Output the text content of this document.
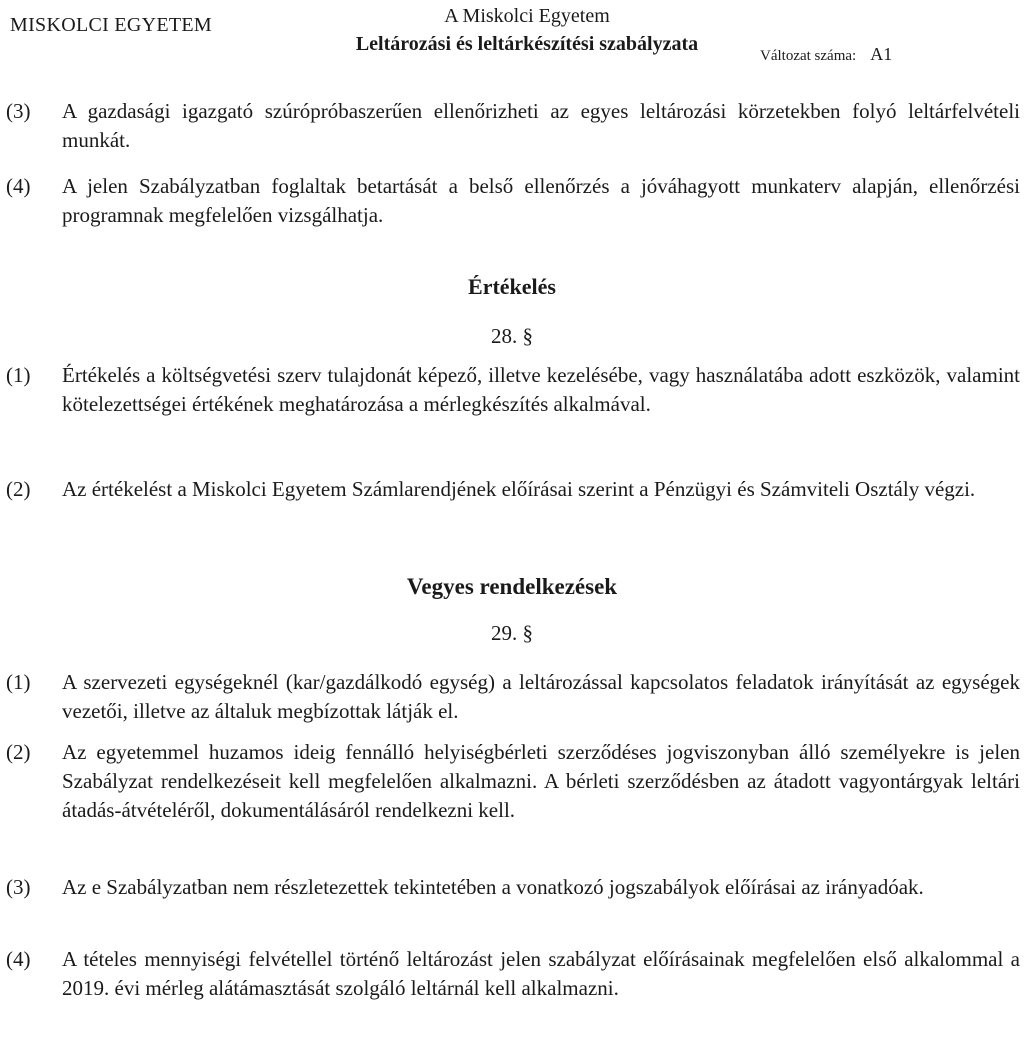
MISKOLCI EGYETEM	A Miskolci Egyetem
Leltározási és leltárkészítési szabályzata
Változat száma: A1
(3) A gazdasági igazgató szúrópróbaszerűen ellenőrizheti az egyes leltározási körzetekben folyó leltárfelvételi munkát.
(4) A jelen Szabályzatban foglaltak betartását a belső ellenőrzés a jóváhagyott munkaterv alapján, ellenőrzési programnak megfelelően vizsgálhatja.
Értékelés
28. §
(1) Értékelés a költségvetési szerv tulajdonát képező, illetve kezelésébe, vagy használatába adott eszközök, valamint kötelezettségei értékének meghatározása a mérlegkészítés alkalmával.
(2) Az értékelést a Miskolci Egyetem Számlarendjének előírásai szerint a Pénzügyi és Számviteli Osztály végzi.
Vegyes rendelkezések
29. §
(1) A szervezeti egységeknél (kar/gazdálkodó egység) a leltározással kapcsolatos feladatok irányítását az egységek vezetői, illetve az általuk megbízottak látják el.
(2) Az egyetemmel huzamos ideig fennálló helyiségbérleti szerződéses jogviszonyban álló személyekre is jelen Szabályzat rendelkezéseit kell megfelelően alkalmazni. A bérleti szerződésben az átadott vagyontárgyak leltári átadás-átvételéről, dokumentálásáról rendelkezni kell.
(3) Az e Szabályzatban nem részletezettek tekintetében a vonatkozó jogszabályok előírásai az irányadóak.
(4) A tételes mennyiségi felvétellel történő leltározást jelen szabályzat előírásainak megfelelően első alkalommal a 2019. évi mérleg alátámasztását szolgáló leltárnál kell alkalmazni.
